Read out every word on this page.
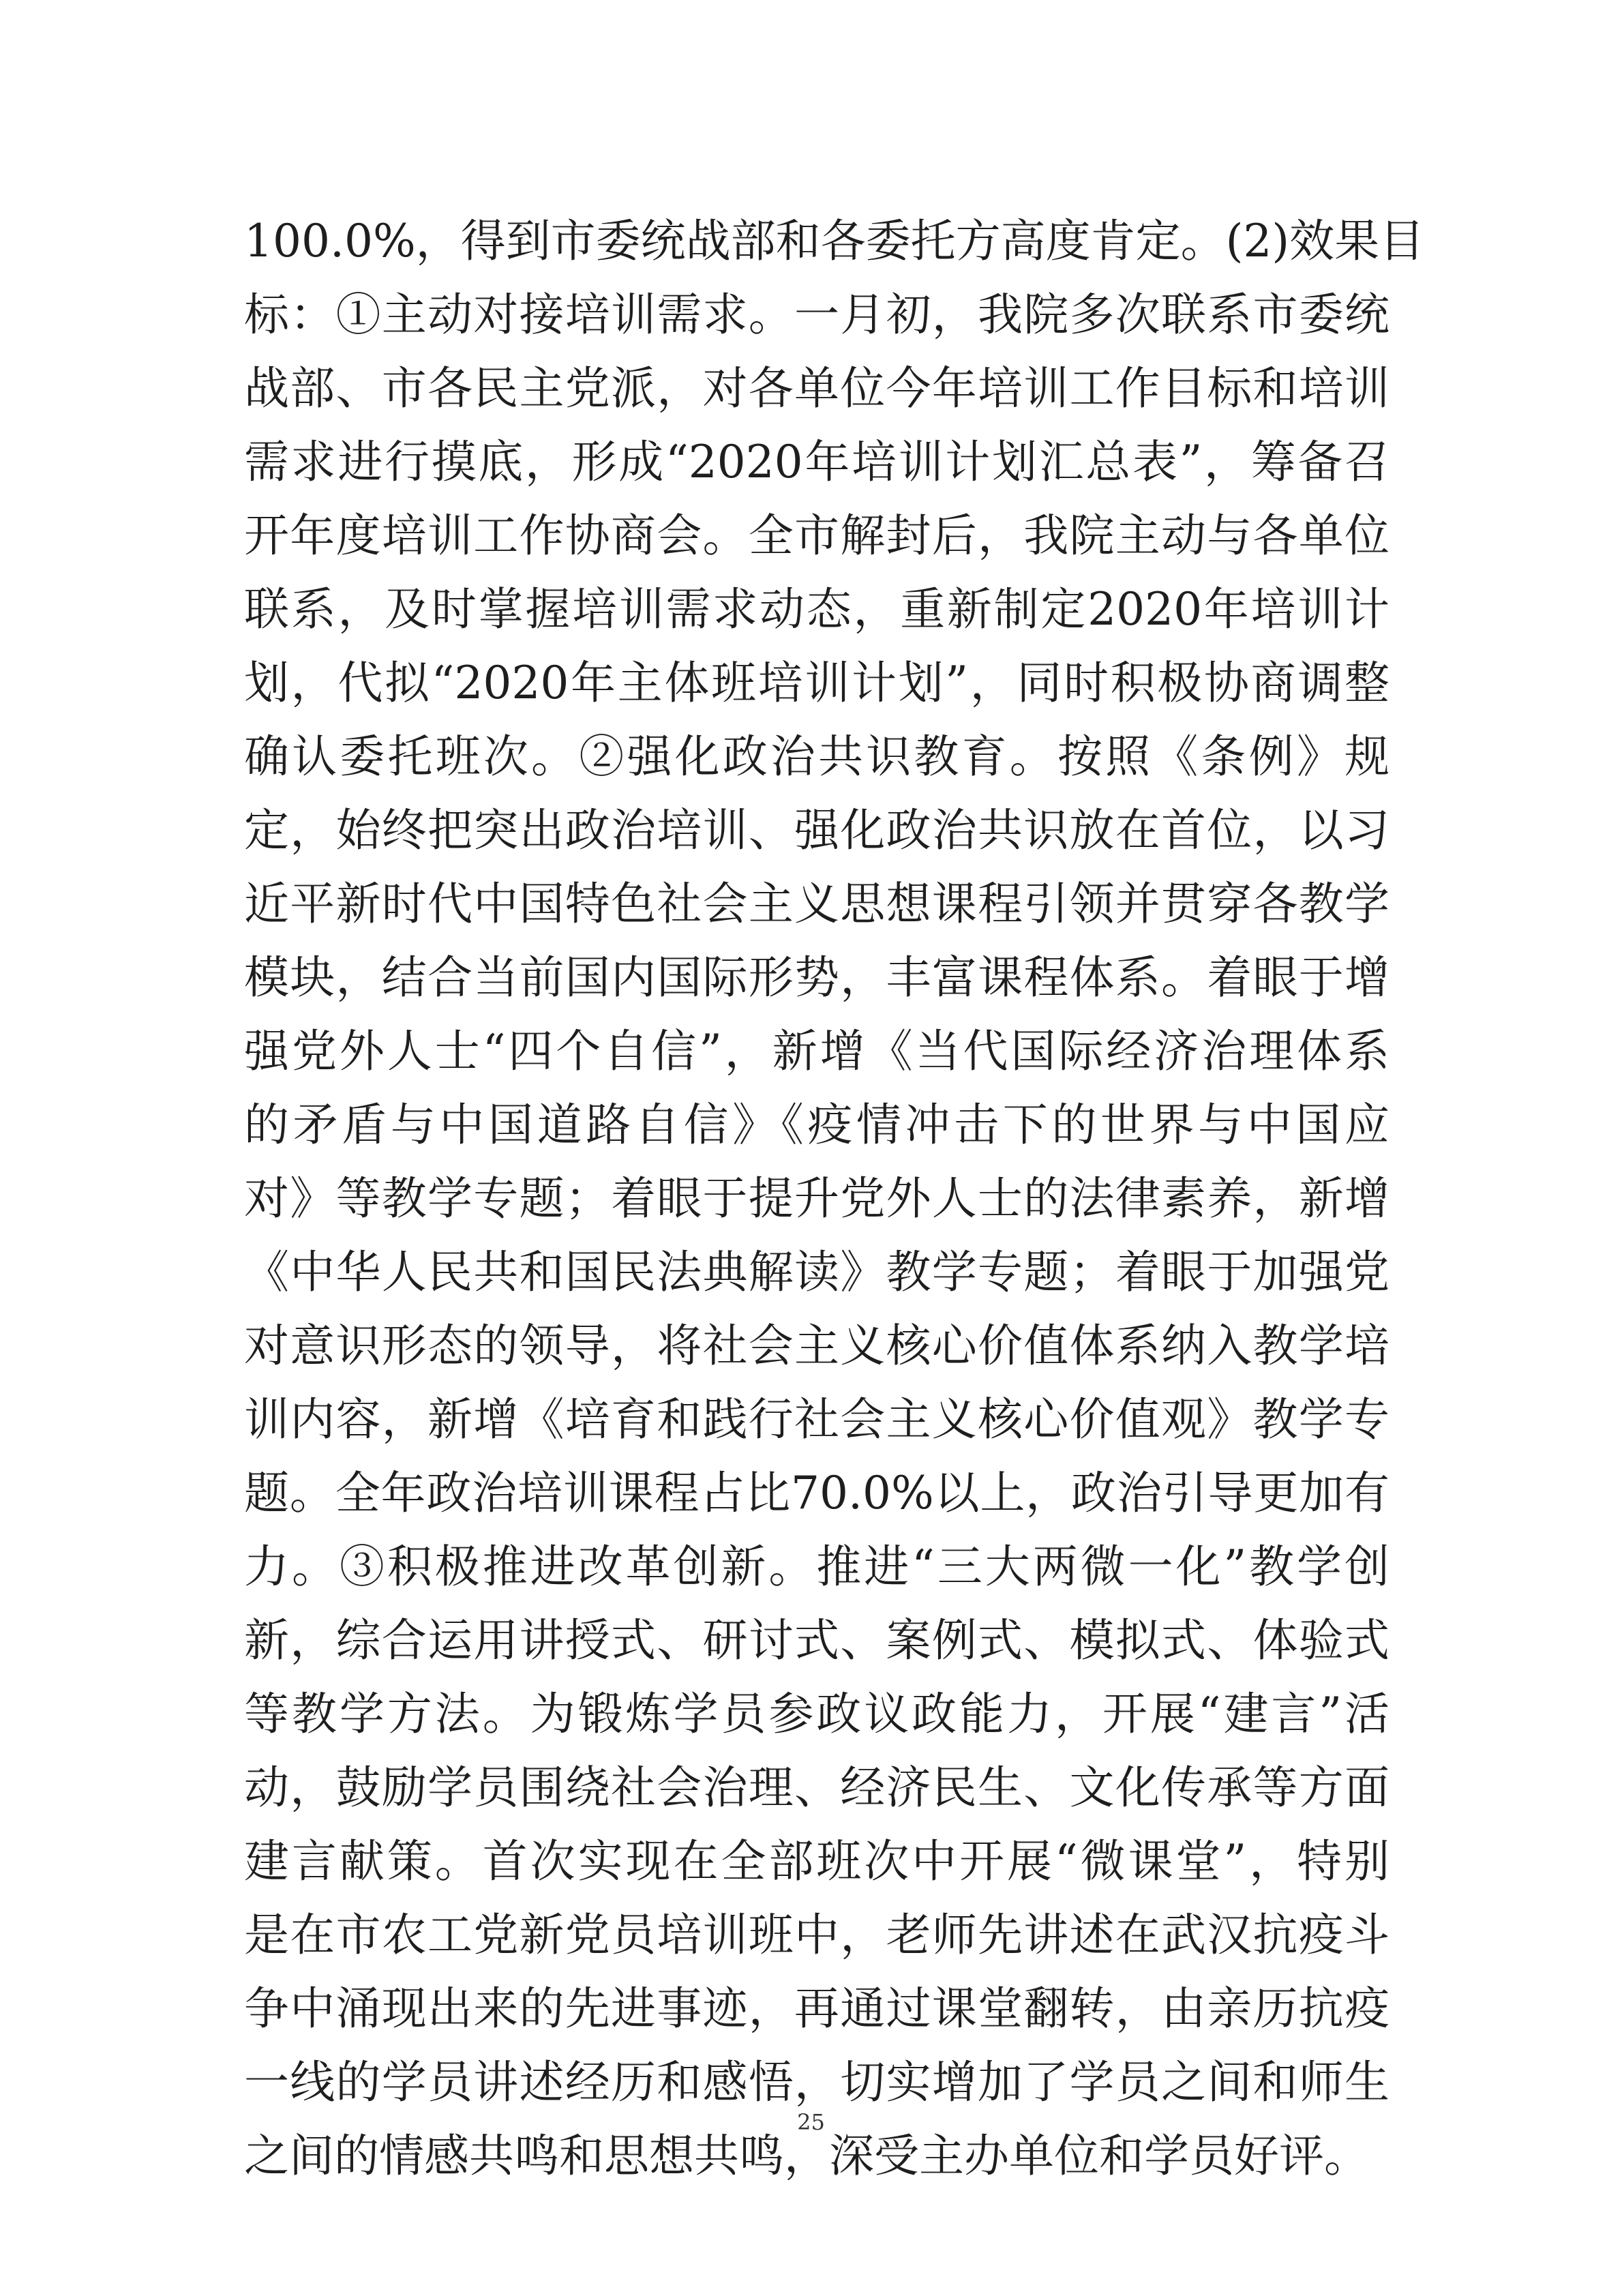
100.0%，得到市委统战部和各委托方高度肯定。(2)效果目
标：①主动对接培训需求。一月初，我院多次联系市委统
战部、市各民主党派，对各单位今年培训工作目标和培训
需求进行摸底，形成“2020年培训计划汇总表”，筹备召
开年度培训工作协商会。全市解封后，我院主动与各单位
联系，及时掌握培训需求动态，重新制定2020年培训计
划，代拟“2020年主体班培训计划”，同时积极协商调整
确认委托班次。②强化政治共识教育。按照《条例》规
定，始终把突出政治培训、强化政治共识放在首位，以习
近平新时代中国特色社会主义思想课程引领并贯穿各教学
模块，结合当前国内国际形势，丰富课程体系。着眼于增
强党外人士“四个自信”，新增《当代国际经济治理体系
的矛盾与中国道路自信》《疫情冲击下的世界与中国应
对》等教学专题；着眼于提升党外人士的法律素养，新增
《中华人民共和国民法典解读》教学专题；着眼于加强党
对意识形态的领导，将社会主义核心价值体系纳入教学培
训内容，新增《培育和践行社会主义核心价值观》教学专
题。全年政治培训课程占比70.0%以上，政治引导更加有
力。③积极推进改革创新。推进“三大两微一化”教学创
新，综合运用讲授式、研讨式、案例式、模拟式、体验式
等教学方法。为锻炼学员参政议政能力，开展“建言”活
动，鼓励学员围绕社会治理、经济民生、文化传承等方面
建言献策。首次实现在全部班次中开展“微课堂”，特别
是在市农工党新党员培训班中，老师先讲述在武汉抗疫斗
争中涌现出来的先进事迹，再通过课堂翻转，由亲历抗疫
一线的学员讲述经历和感悟，切实增加了学员之间和师生
之间的情感共鸣和思想共鸣，深受主办单位和学员好评。
25
